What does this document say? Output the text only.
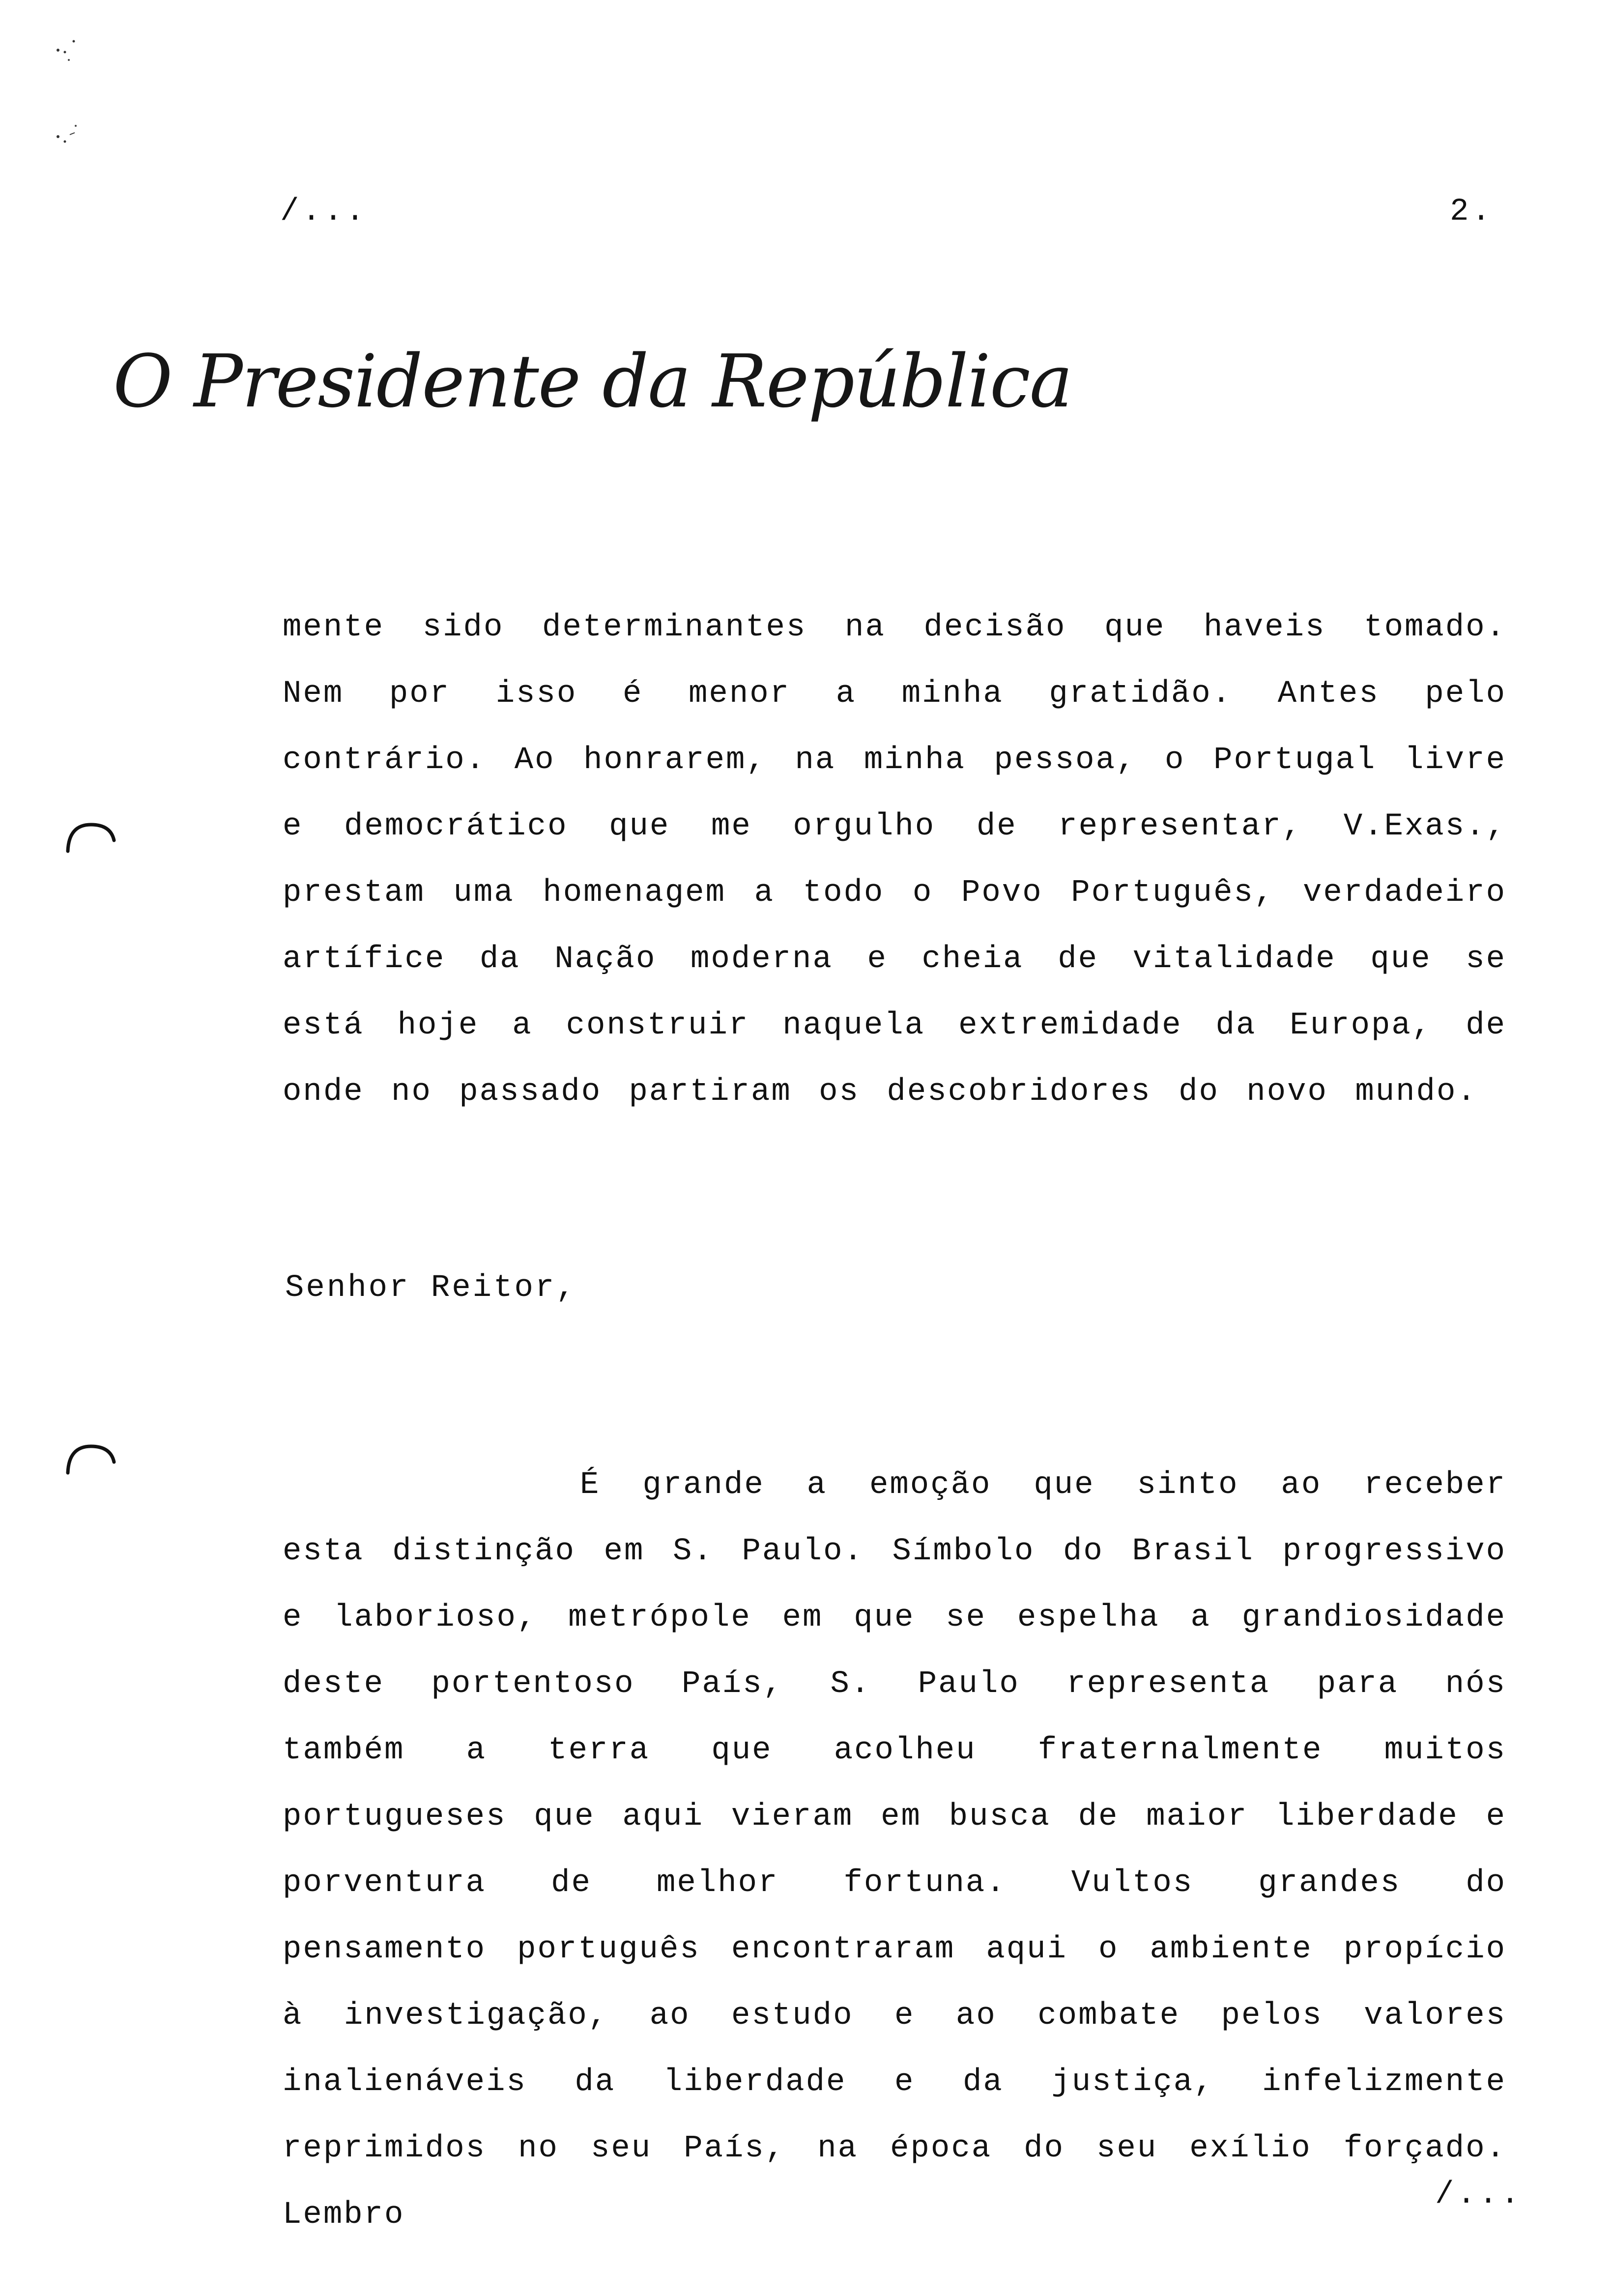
/...	2.
O Presidente da República
mente sido determinantes na decisão que haveis tomado. Nem por isso é menor a minha gratidão. Antes pelo contrário. Ao honrarem, na minha pessoa, o Portugal livre e democrático que me orgulho de representar, V.Exas., prestam uma homenagem a todo o Povo Português, verdadeiro artífice da Nação moderna e cheia de vitalidade que se está hoje a construir naquela extremidade da Europa, de onde no passado partiram os descobridores do novo mundo.
Senhor Reitor,
É grande a emoção que sinto ao receber esta distinção em S. Paulo. Símbolo do Brasil progressivo e laborioso, metrópole em que se espelha a grandiosidade deste portentoso País, S. Paulo representa para nós também a terra que acolheu fraternalmente muitos portugueses que aqui vieram em busca de maior liberdade e porventura de melhor fortuna. Vultos grandes do pensamento português encontraram aqui o ambiente propício à investigação, ao estudo e ao combate pelos valores inalienáveis da liberdade e da justiça, infelizmente reprimidos no seu País, na época do seu exílio forçado. Lembro
/...
